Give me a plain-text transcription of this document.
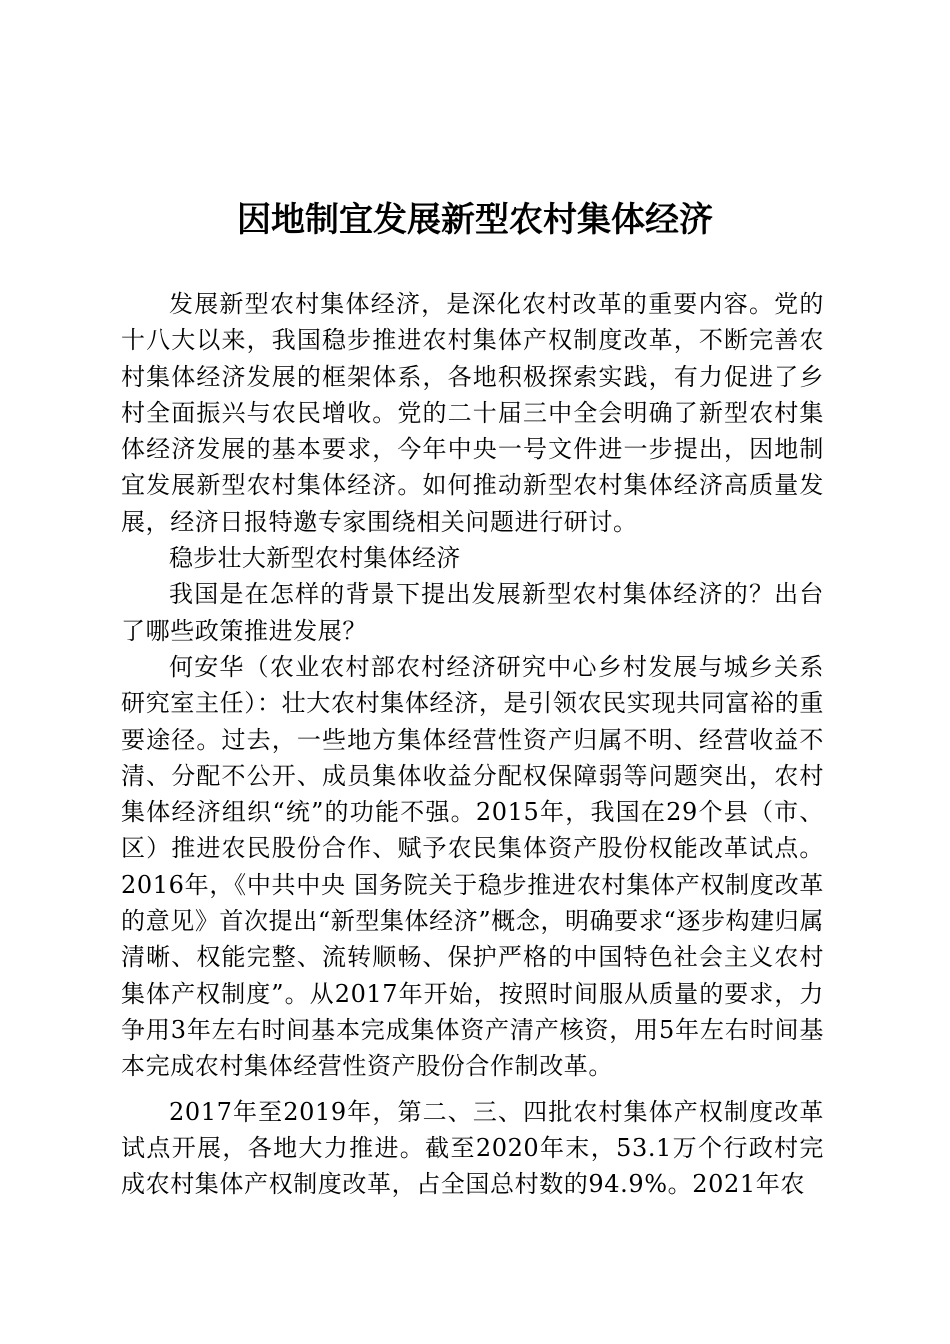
因地制宜发展新型农村集体经济

发展新型农村集体经济，是深化农村改革的重要内容。党的十八大以来，我国稳步推进农村集体产权制度改革，不断完善农村集体经济发展的框架体系，各地积极探索实践，有力促进了乡村全面振兴与农民增收。党的二十届三中全会明确了新型农村集体经济发展的基本要求，今年中央一号文件进一步提出，因地制宜发展新型农村集体经济。如何推动新型农村集体经济高质量发展，经济日报特邀专家围绕相关问题进行研讨。

稳步壮大新型农村集体经济

我国是在怎样的背景下提出发展新型农村集体经济的？出台了哪些政策推进发展？

何安华（农业农村部农村经济研究中心乡村发展与城乡关系研究室主任）：壮大农村集体经济，是引领农民实现共同富裕的重要途径。过去，一些地方集体经营性资产归属不明、经营收益不清、分配不公开、成员集体收益分配权保障弱等问题突出，农村集体经济组织“统”的功能不强。2015年，我国在29个县（市、区）推进农民股份合作、赋予农民集体资产股份权能改革试点。2016年，《中共中央 国务院关于稳步推进农村集体产权制度改革的意见》首次提出“新型集体经济”概念，明确要求“逐步构建归属清晰、权能完整、流转顺畅、保护严格的中国特色社会主义农村集体产权制度”。从2017年开始，按照时间服从质量的要求，力争用3年左右时间基本完成集体资产清产核资，用5年左右时间基本完成农村集体经营性资产股份合作制改革。

2017年至2019年，第二、三、四批农村集体产权制度改革试点开展，各地大力推进。截至2020年末，53.1万个行政村完成农村集体产权制度改革，占全国总村数的94.9%。2021年农
